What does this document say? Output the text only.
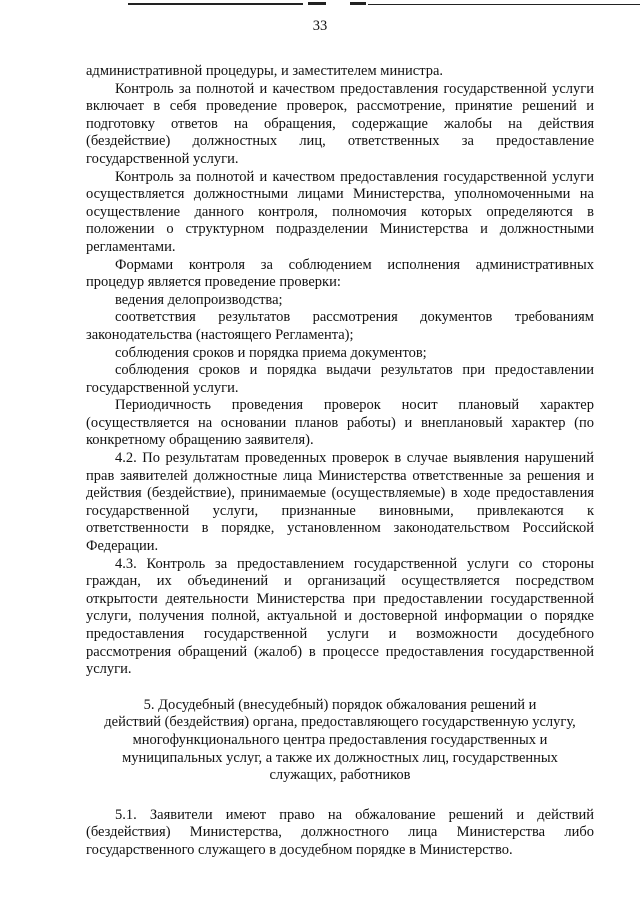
33

административной процедуры, и заместителем министра.

Контроль за полнотой и качеством предоставления государственной услуги включает в себя проведение проверок, рассмотрение, принятие решений и подготовку ответов на обращения, содержащие жалобы на действия (бездействие) должностных лиц, ответственных за предоставление государственной услуги.

Контроль за полнотой и качеством предоставления государственной услуги осуществляется должностными лицами Министерства, уполномоченными на осуществление данного контроля, полномочия которых определяются в положении о структурном подразделении Министерства и должностными регламентами.

Формами контроля за соблюдением исполнения административных процедур является проведение проверки:

ведения делопроизводства;

соответствия результатов рассмотрения документов требованиям законодательства (настоящего Регламента);

соблюдения сроков и порядка приема документов;

соблюдения сроков и порядка выдачи результатов при предоставлении государственной услуги.

Периодичность проведения проверок носит плановый характер (осуществляется на основании планов работы) и внеплановый характер (по конкретному обращению заявителя).

4.2. По результатам проведенных проверок в случае выявления нарушений прав заявителей должностные лица Министерства ответственные за решения и действия (бездействие), принимаемые (осуществляемые) в ходе предоставления государственной услуги, признанные виновными, привлекаются к ответственности в порядке, установленном законодательством Российской Федерации.

4.3. Контроль за предоставлением государственной услуги со стороны граждан, их объединений и организаций осуществляется посредством открытости деятельности Министерства при предоставлении государственной услуги, получения полной, актуальной и достоверной информации о порядке предоставления государственной услуги и возможности досудебного рассмотрения обращений (жалоб) в процессе предоставления государственной услуги.

5. Досудебный (внесудебный) порядок обжалования решений и
действий (бездействия) органа, предоставляющего государственную услугу,
многофункционального центра предоставления государственных и
муниципальных услуг, а также их должностных лиц, государственных
служащих, работников

5.1. Заявители имеют право на обжалование решений и действий (бездействия) Министерства, должностного лица Министерства либо государственного служащего в досудебном порядке в Министерство.
